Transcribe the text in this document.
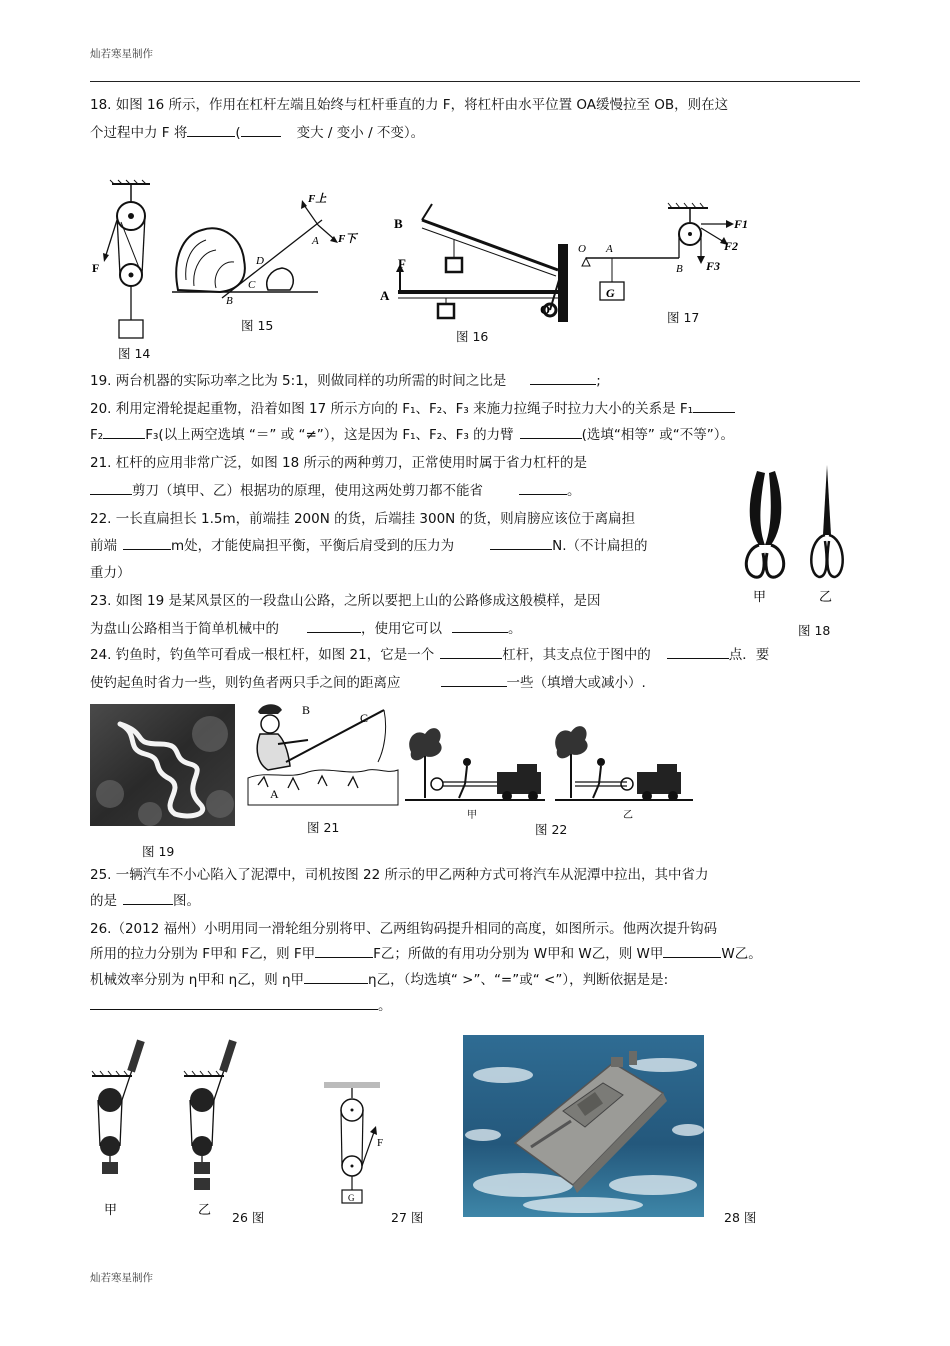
灿若寒星制作
灿若寒星制作
18. 如图 16 所示，作用在杠杆左端且始终与杠杆垂直的力 F，将杠杆由水平位置 OA缓慢拉至 OB，则在这
个过程中力 F 将	(	变大 / 变小 / 不变）。
F
图 14
F上
F下
A
D
C
B
图 15
B
F
A
O
图 16
O A
B
G
F1
F2
F3
图 17
19. 两台机器的实际功率之比为 5:1，则做同样的功所需的时间之比是	;
20. 利用定滑轮提起重物，沿着如图 17 所示方向的 F₁、F₂、F₃ 来施力拉绳子时拉力大小的关系是 F₁
F₂	F₃(以上两空选填 “＝” 或 “≠”），这是因为 F₁、F₂、F₃ 的力臂	(选填“相等” 或“不等”）。
21. 杠杆的应用非常广泛，如图 18 所示的两种剪刀，正常使用时属于省力杠杆的是
剪刀（填甲、乙）根据功的原理，使用这两处剪刀都不能省	。
甲	乙
22. 一长直扁担长 1.5m，前端挂 200N 的货，后端挂 300N 的货，则肩膀应该位于离扁担
前端	m处，才能使扁担平衡，平衡后肩受到的压力为	N.（不计扁担的
重力）
23. 如图 19 是某风景区的一段盘山公路，之所以要把上山的公路修成这般模样，是因
为盘山公路相当于简单机械中的	，使用它可以	。	图 18
24. 钓鱼时，钓鱼竿可看成一根杠杆，如图 21，它是一个	杠杆，其支点位于图中的	点．要
使钓起鱼时省力一些，则钓鱼者两只手之间的距离应	一些（填增大或减小）.
图 19
B
C
A
图 21
甲	乙
图 22
25. 一辆汽车不小心陷入了泥潭中，司机按图 22 所示的甲乙两种方式可将汽车从泥潭中拉出，其中省力
的是	图。
26.（2012 福州）小明用同一滑轮组分别将甲、乙两组钩码提升相同的高度，如图所示。他两次提升钩码
所用的拉力分别为 F甲和 F乙，则 F甲	F乙；所做的有用功分别为 W甲和 W乙，则 W甲	W乙。
机械效率分别为 η甲和 η乙，则 η甲	η乙，（均选填“ >”、“=”或“ <”），判断依据是是:
。
甲	乙
26 图
F
G
27 图	28 图
